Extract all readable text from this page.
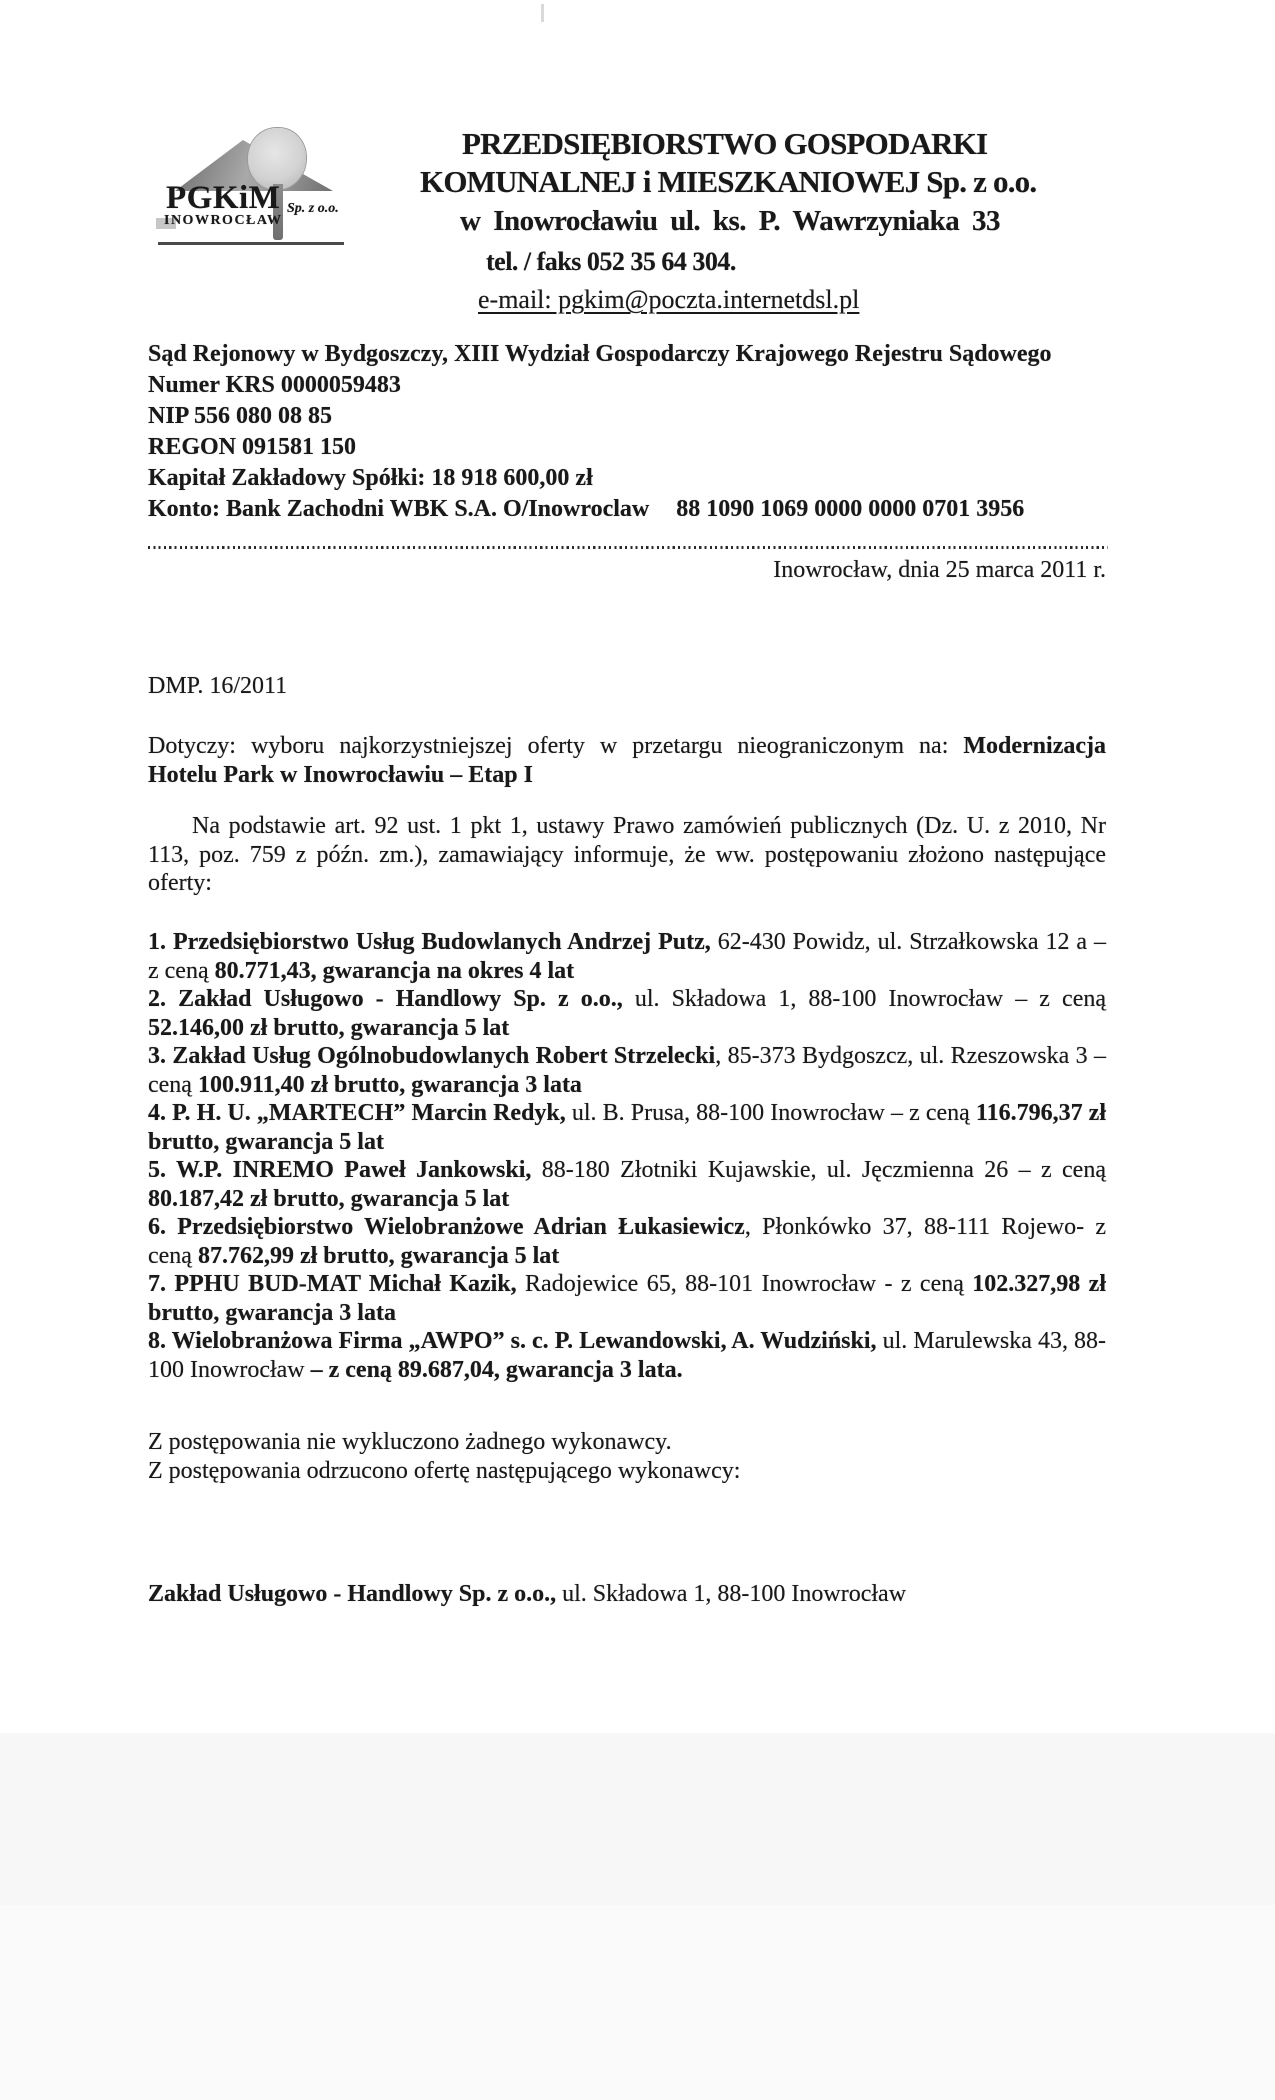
PGKiM Sp. z o.o.
INOWROCŁAW
PRZEDSIĘBIORSTWO GOSPODARKI
KOMUNALNEJ i MIESZKANIOWEJ Sp. z o.o.
w Inowrocławiu ul. ks. P. Wawrzyniaka 33
tel. / faks 052 35 64 304.
e-mail: pgkim@poczta.internetdsl.pl
Sąd Rejonowy w Bydgoszczy, XIII Wydział Gospodarczy Krajowego Rejestru Sądowego
Numer KRS 0000059483
NIP 556 080 08 85
REGON 091581 150
Kapitał Zakładowy Spółki: 18 918 600,00 zł
Konto: Bank Zachodni WBK S.A. O/Inowroclaw 88 1090 1069 0000 0000 0701 3956
Inowrocław, dnia 25 marca 2011 r.
DMP. 16/2011

Dotyczy: wyboru najkorzystniejszej oferty w przetargu nieograniczonym na: Modernizacja Hotelu Park w Inowrocławiu – Etap I

Na podstawie art. 92 ust. 1 pkt 1, ustawy Prawo zamówień publicznych (Dz. U. z 2010, Nr 113, poz. 759 z późn. zm.), zamawiający informuje, że ww. postępowaniu złożono następujące oferty:

1. Przedsiębiorstwo Usług Budowlanych Andrzej Putz, 62-430 Powidz, ul. Strzałkowska 12 a – z ceną 80.771,43, gwarancja na okres 4 lat

2. Zakład Usługowo - Handlowy Sp. z o.o., ul. Składowa 1, 88-100 Inowrocław – z ceną 52.146,00 zł brutto, gwarancja 5 lat

3. Zakład Usług Ogólnobudowlanych Robert Strzelecki, 85-373 Bydgoszcz, ul. Rzeszowska 3 – ceną 100.911,40 zł brutto, gwarancja 3 lata

4. P. H. U. „MARTECH” Marcin Redyk, ul. B. Prusa, 88-100 Inowrocław – z ceną 116.796,37 zł brutto, gwarancja 5 lat

5. W.P. INREMO Paweł Jankowski, 88-180 Złotniki Kujawskie, ul. Jęczmienna 26 – z ceną 80.187,42 zł brutto, gwarancja 5 lat

6. Przedsiębiorstwo Wielobranżowe Adrian Łukasiewicz, Płonkówko 37, 88-111 Rojewo- z ceną 87.762,99 zł brutto, gwarancja 5 lat

7. PPHU BUD-MAT Michał Kazik, Radojewice 65, 88-101 Inowrocław - z ceną 102.327,98 zł brutto, gwarancja 3 lata

8. Wielobranżowa Firma „AWPO” s. c. P. Lewandowski, A. Wudziński, ul. Marulewska 43, 88-100 Inowrocław – z ceną 89.687,04, gwarancja 3 lata.

Z postępowania nie wykluczono żadnego wykonawcy.
Z postępowania odrzucono ofertę następującego wykonawcy:

Zakład Usługowo - Handlowy Sp. z o.o., ul. Składowa 1, 88-100 Inowrocław
